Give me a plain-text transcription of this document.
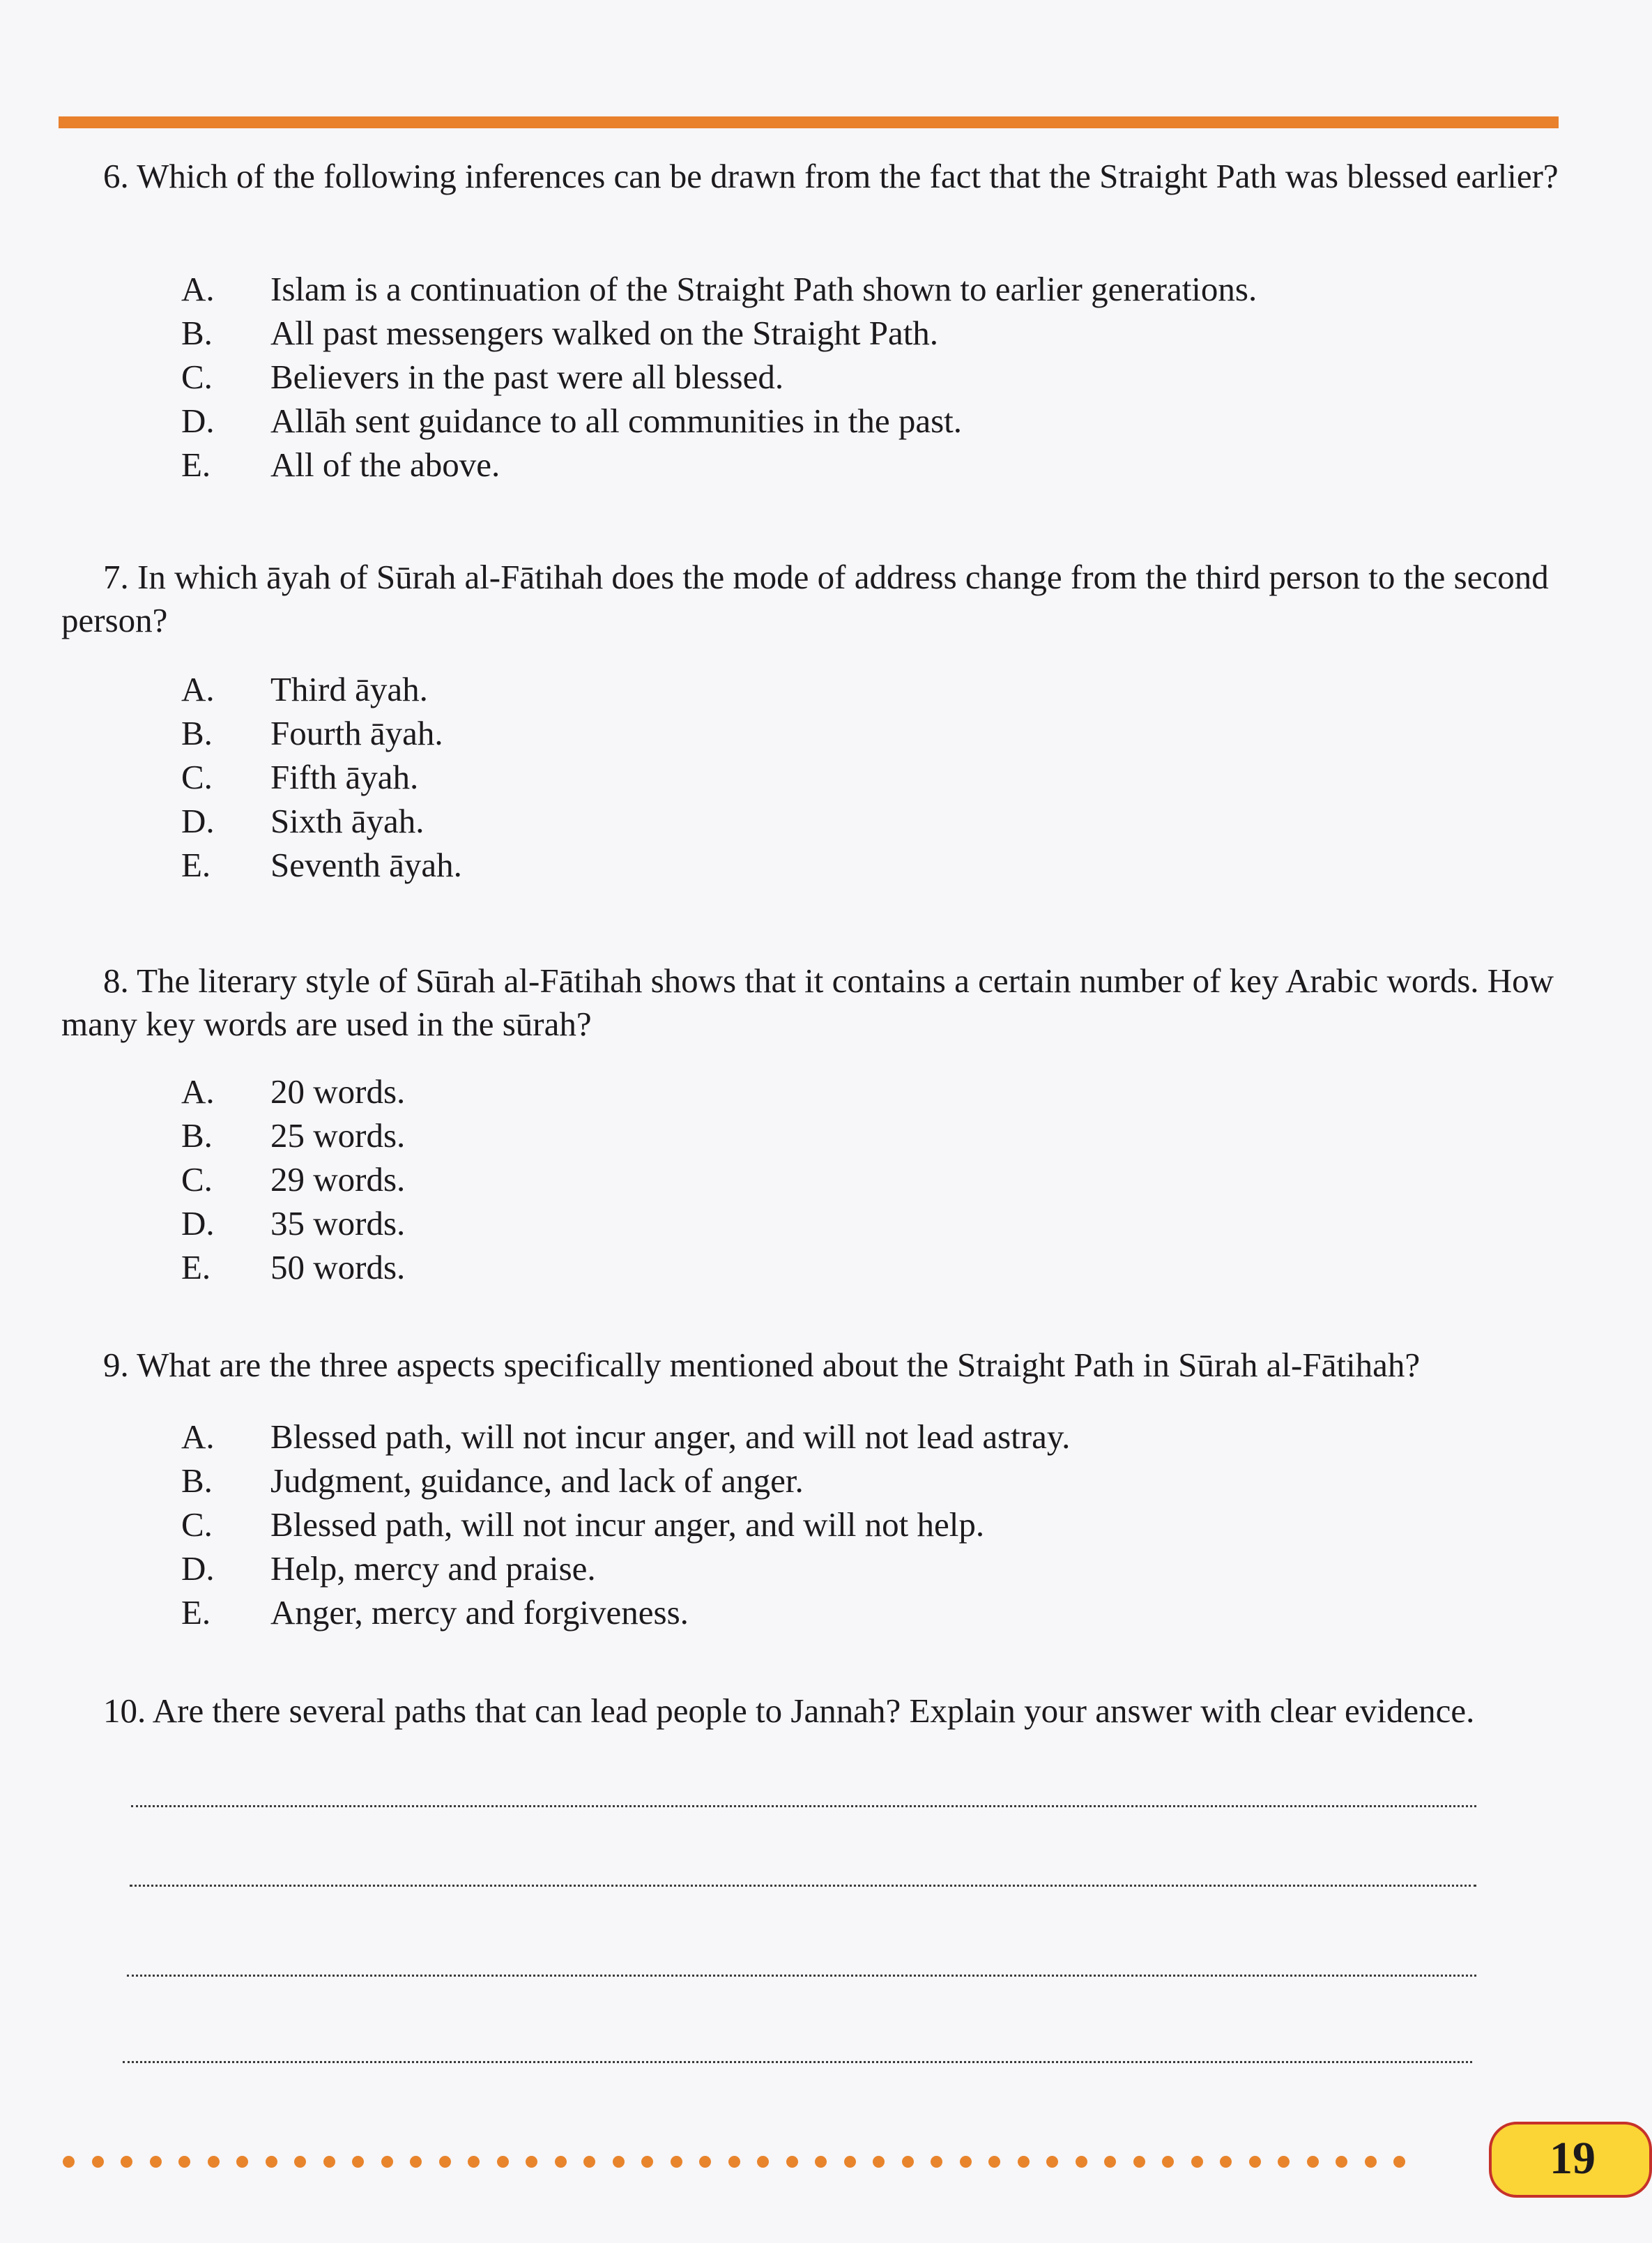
6. Which of the following inferences can be drawn from the fact that the Straight Path was blessed earlier?
A. Islam is a continuation of the Straight Path shown to earlier generations.
B. All past messengers walked on the Straight Path.
C. Believers in the past were all blessed.
D. Allāh sent guidance to all communities in the past.
E. All of the above.
7. In which āyah of Sūrah al-Fātihah does the mode of address change from the third person to the second person?
A. Third āyah.
B. Fourth āyah.
C. Fifth āyah.
D. Sixth āyah.
E. Seventh āyah.
8. The literary style of Sūrah al-Fātihah shows that it contains a certain number of key Arabic words. How many key words are used in the sūrah?
A. 20 words.
B. 25 words.
C. 29 words.
D. 35 words.
E. 50 words.
9. What are the three aspects specifically mentioned about the Straight Path in Sūrah al-Fātihah?
A. Blessed path, will not incur anger, and will not lead astray.
B. Judgment, guidance, and lack of anger.
C. Blessed path, will not incur anger, and will not help.
D. Help, mercy and praise.
E. Anger, mercy and forgiveness.
10. Are there several paths that can lead people to Jannah? Explain your answer with clear evidence.
19
